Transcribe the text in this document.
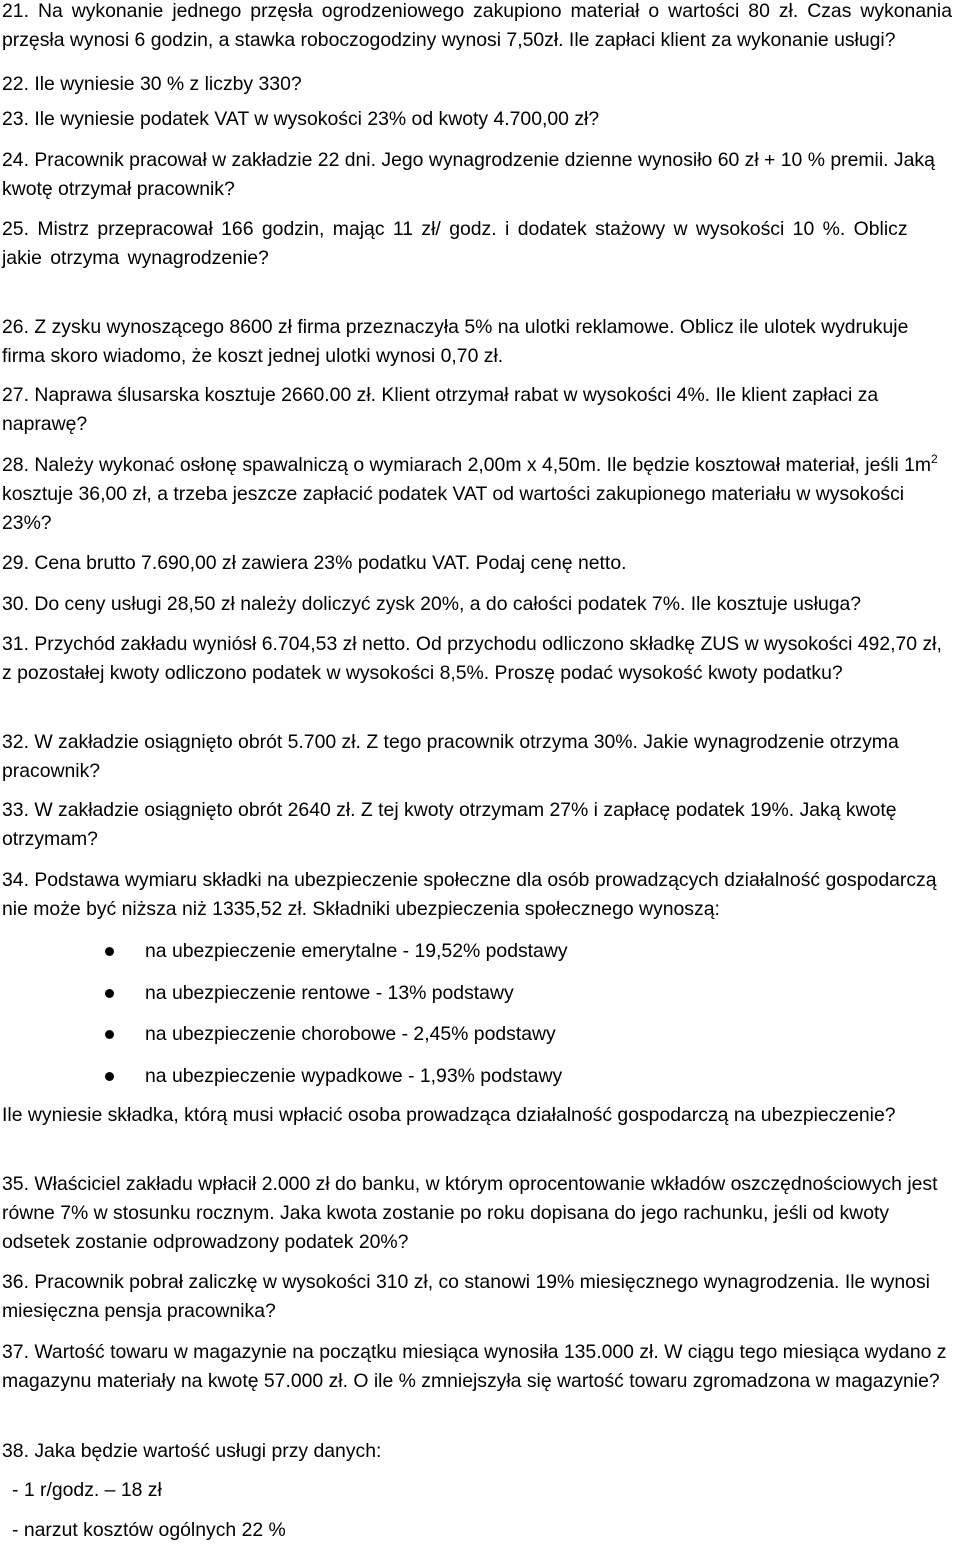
21. Na wykonanie jednego przęsła ogrodzeniowego zakupiono materiał o wartości 80 zł. Czas wykonania przęsła wynosi 6 godzin, a stawka roboczogodziny wynosi 7,50zł. Ile zapłaci klient za wykonanie usługi?

22. Ile wyniesie 30 % z liczby 330?

23. Ile wyniesie podatek VAT w wysokości 23% od kwoty 4.700,00 zł?

24. Pracownik pracował w zakładzie 22 dni. Jego wynagrodzenie dzienne wynosiło 60 zł + 10 % premii. Jaką kwotę otrzymał pracownik?

25. Mistrz przepracował 166 godzin, mając 11 zł/ godz. i dodatek stażowy w wysokości 10 %. Oblicz jakie otrzyma wynagrodzenie?

26. Z zysku wynoszącego 8600 zł firma przeznaczyła 5% na ulotki reklamowe. Oblicz ile ulotek wydrukuje firma skoro wiadomo, że koszt jednej ulotki wynosi 0,70 zł.

27. Naprawa ślusarska kosztuje 2660.00 zł. Klient otrzymał rabat w wysokości 4%. Ile klient zapłaci za naprawę?

28. Należy wykonać osłonę spawalniczą o wymiarach 2,00m x 4,50m. Ile będzie kosztował materiał, jeśli $1m^2$ kosztuje 36,00 zł, a trzeba jeszcze zapłacić podatek VAT od wartości zakupionego materiału w wysokości 23%?

29. Cena brutto 7.690,00 zł zawiera 23% podatku VAT. Podaj cenę netto.

30. Do ceny usługi 28,50 zł należy doliczyć zysk 20%, a do całości podatek 7%. Ile kosztuje usługa?

31. Przychód zakładu wyniósł 6.704,53 zł netto. Od przychodu odliczono składkę ZUS w wysokości 492,70 zł, z pozostałej kwoty odliczono podatek w wysokości 8,5%. Proszę podać wysokość kwoty podatku?

32. W zakładzie osiągnięto obrót 5.700 zł. Z tego pracownik otrzyma 30%. Jakie wynagrodzenie otrzyma pracownik?

33. W zakładzie osiągnięto obrót 2640 zł. Z tej kwoty otrzymam 27% i zapłacę podatek 19%. Jaką kwotę otrzymam?

34. Podstawa wymiaru składki na ubezpieczenie społeczne dla osób prowadzących działalność gospodarczą nie może być niższa niż 1335,52 zł. Składniki ubezpieczenia społecznego wynoszą:

na ubezpieczenie emerytalne - 19,52% podstawy
na ubezpieczenie rentowe - 13% podstawy
na ubezpieczenie chorobowe - 2,45% podstawy
na ubezpieczenie wypadkowe - 1,93% podstawy

Ile wyniesie składka, którą musi wpłacić osoba prowadząca działalność gospodarczą na ubezpieczenie?

35. Właściciel zakładu wpłacił 2.000 zł do banku, w którym oprocentowanie wkładów oszczędnościowych jest równe 7% w stosunku rocznym. Jaka kwota zostanie po roku dopisana do jego rachunku, jeśli od kwoty odsetek zostanie odprowadzony podatek 20%?

36. Pracownik pobrał zaliczkę w wysokości 310 zł, co stanowi 19% miesięcznego wynagrodzenia. Ile wynosi miesięczna pensja pracownika?

37. Wartość towaru w magazynie na początku miesiąca wynosiła 135.000 zł. W ciągu tego miesiąca wydano z magazynu materiały na kwotę 57.000 zł. O ile % zmniejszyła się wartość towaru zgromadzona w magazynie?

38. Jaka będzie wartość usługi przy danych:

- 1 r/godz. – 18 zł
- narzut kosztów ogólnych 22 %
